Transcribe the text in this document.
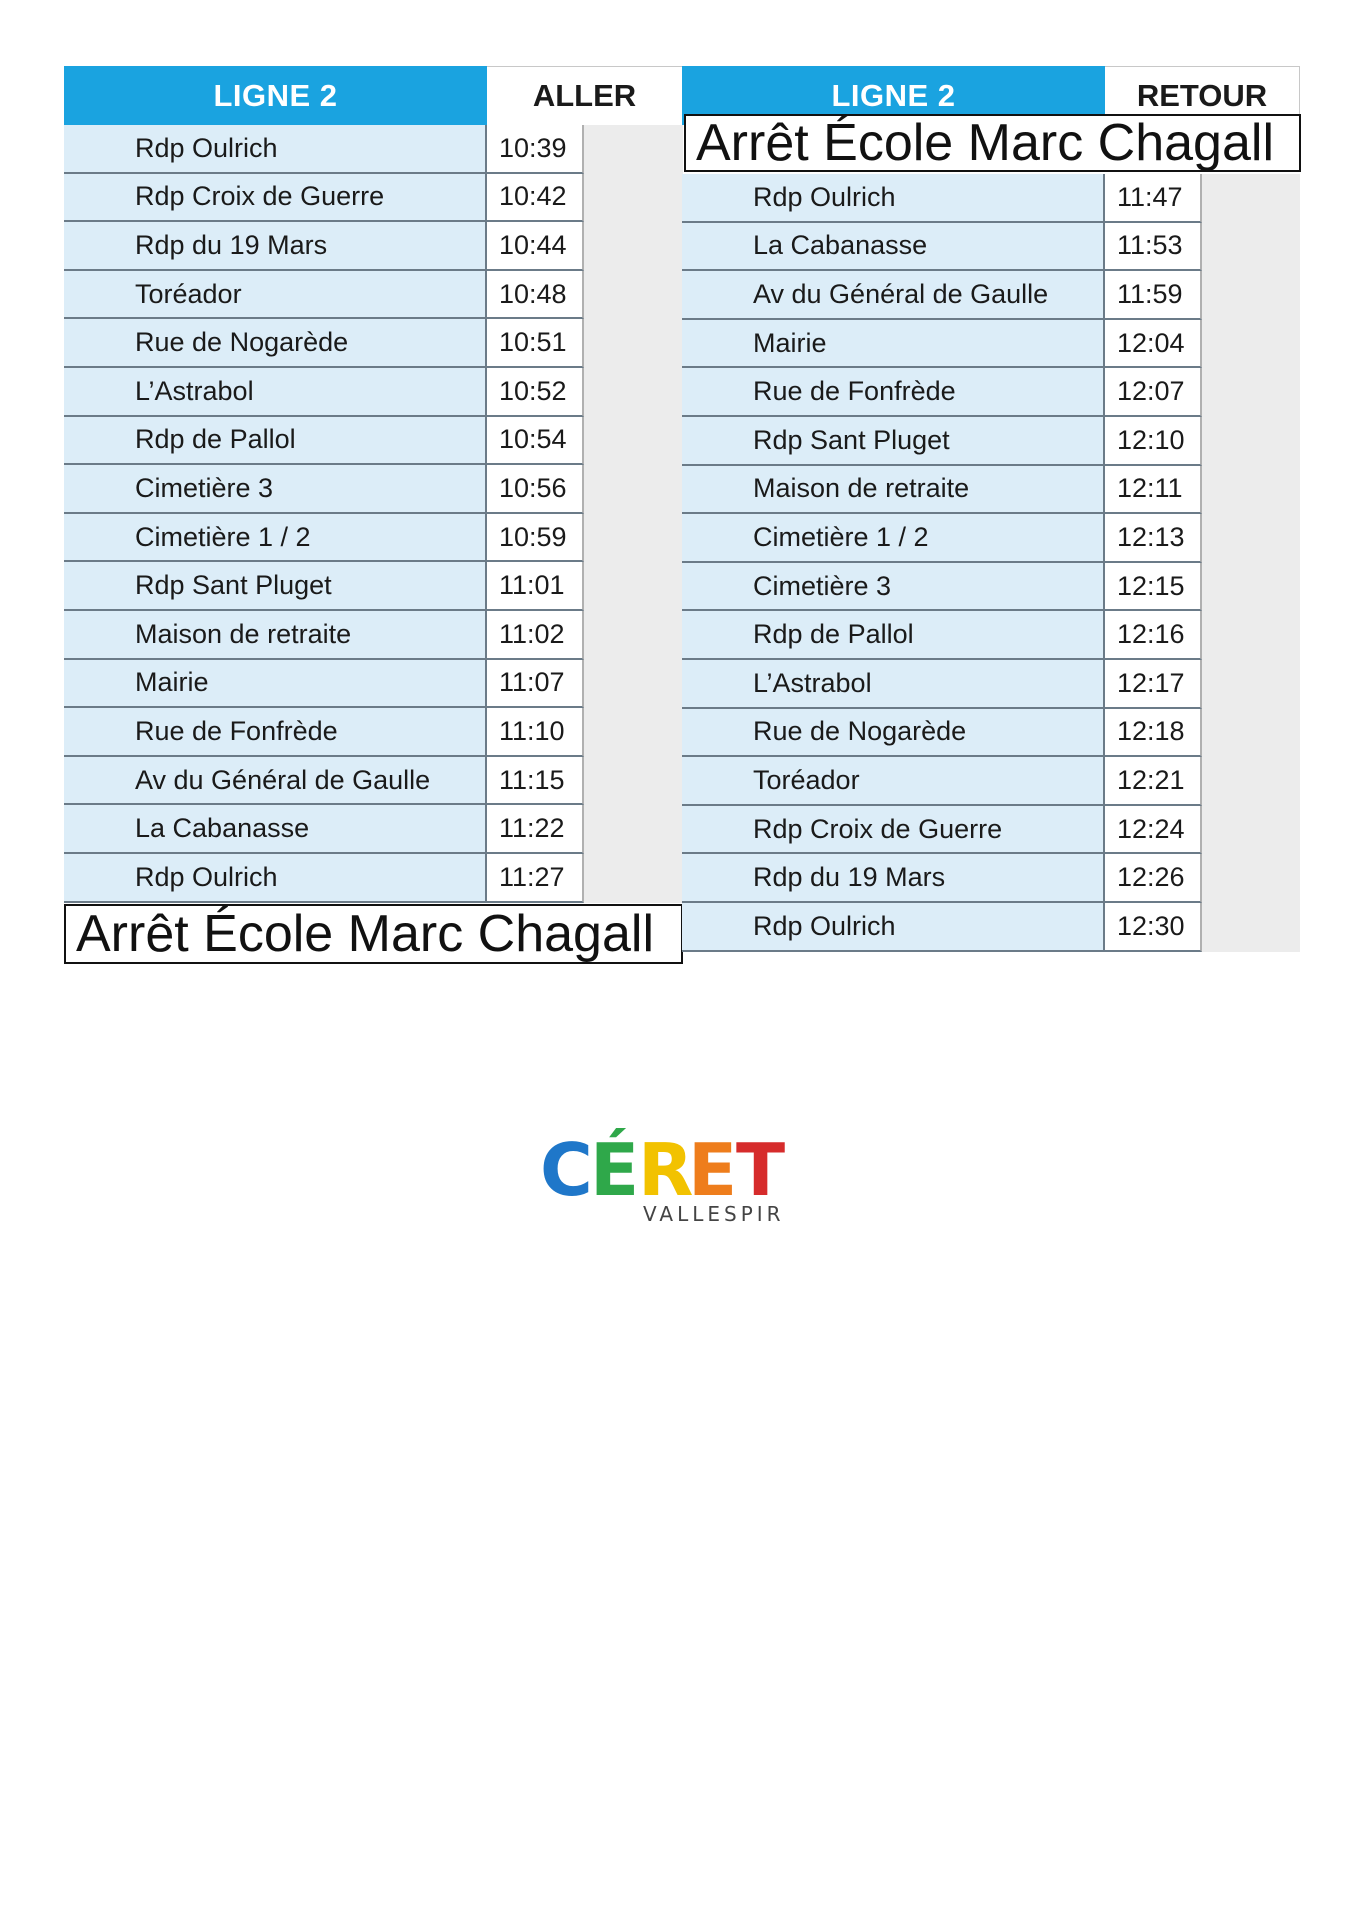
LIGNE 2	ALLER
Rdp Oulrich	10:39
Rdp Croix de Guerre	10:42
Rdp du 19 Mars	10:44
Toréador	10:48
Rue de Nogarède	10:51
L’Astrabol	10:52
Rdp de Pallol	10:54
Cimetière 3	10:56
Cimetière 1 / 2	10:59
Rdp Sant Pluget	11:01
Maison de retraite	11:02
Mairie	11:07
Rue de Fonfrède	11:10
Av du Général de Gaulle	11:15
La Cabanasse	11:22
Rdp Oulrich	11:27
Arrêt École Marc Chagall
LIGNE 2	RETOUR
Rdp Oulrich	11:47
La Cabanasse	11:53
Av du Général de Gaulle	11:59
Mairie	12:04
Rue de Fonfrède	12:07
Rdp Sant Pluget	12:10
Maison de retraite	12:11
Cimetière 1 / 2	12:13
Cimetière 3	12:15
Rdp de Pallol	12:16
L’Astrabol	12:17
Rue de Nogarède	12:18
Toréador	12:21
Rdp Croix de Guerre	12:24
Rdp du 19 Mars	12:26
Rdp Oulrich	12:30
Arrêt École Marc Chagall
C
É
R
E
T
VALLESPIR
